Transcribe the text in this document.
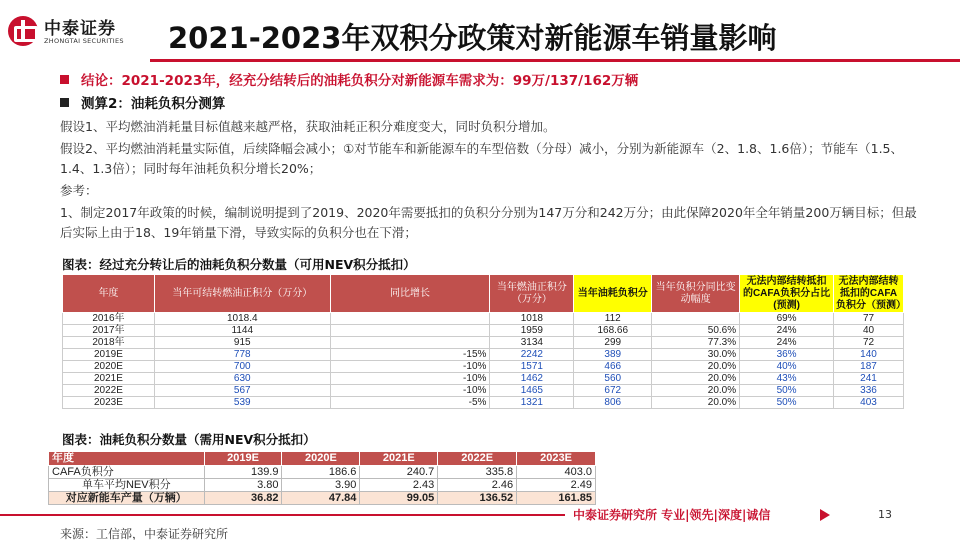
中泰证券
ZHONGTAI SECURITIES 2021-2023年双积分政策对新能源车销量影响
结论：2021-2023年，经充分结转后的油耗负积分对新能源车需求为：99万/137/162万辆
测算2：油耗负积分测算
假设1、平均燃油消耗量目标值越来越严格，获取油耗正积分难度变大，同时负积分增加。
假设2、平均燃油消耗量实际值，后续降幅会减小；①对节能车和新能源车的车型倍数（分母）减小，分别为新能源车（2、1.8、1.6倍）；节能车（1.5、1.4、1.3倍）；同时每年油耗负积分增长20%；
参考：
1、制定2017年政策的时候，编制说明提到了2019、2020年需要抵扣的负积分分别为147万分和242万分；由此保障2020年全年销量200万辆目标；但最后实际上由于18、19年销量下滑，导致实际的负积分也在下滑；
图表：经过充分转让后的油耗负积分数量（可用NEV积分抵扣）
年度	当年可结转燃油正积分（万分）	同比增长	当年燃油正积分（万分）	当年油耗负积分	当年负积分同比变动幅度	无法内部结转抵扣的CAFA负积分占比(预测)	无法内部结转抵扣的CAFA负积分（预测）
2016年	1018.4		1018	112		69%	77
2017年	1144		1959	168.66	50.6%	24%	40
2018年	915		3134	299	77.3%	24%	72
2019E	778	-15%	2242	389	30.0%	36%	140
2020E	700	-10%	1571	466	20.0%	40%	187
2021E	630	-10%	1462	560	20.0%	43%	241
2022E	567	-10%	1465	672	20.0%	50%	336
2023E	539	-5%	1321	806	20.0%	50%	403
图表：油耗负积分数量（需用NEV积分抵扣）
年度	2019E	2020E	2021E	2022E	2023E
CAFA负积分	139.9	186.6	240.7	335.8	403.0
单车平均NEV积分	3.80	3.90	2.43	2.46	2.49
对应新能车产量（万辆）	36.82	47.84	99.05	136.52	161.85
中泰证券研究所 专业|领先|深度|诚信	13
来源：工信部，中泰证券研究所
